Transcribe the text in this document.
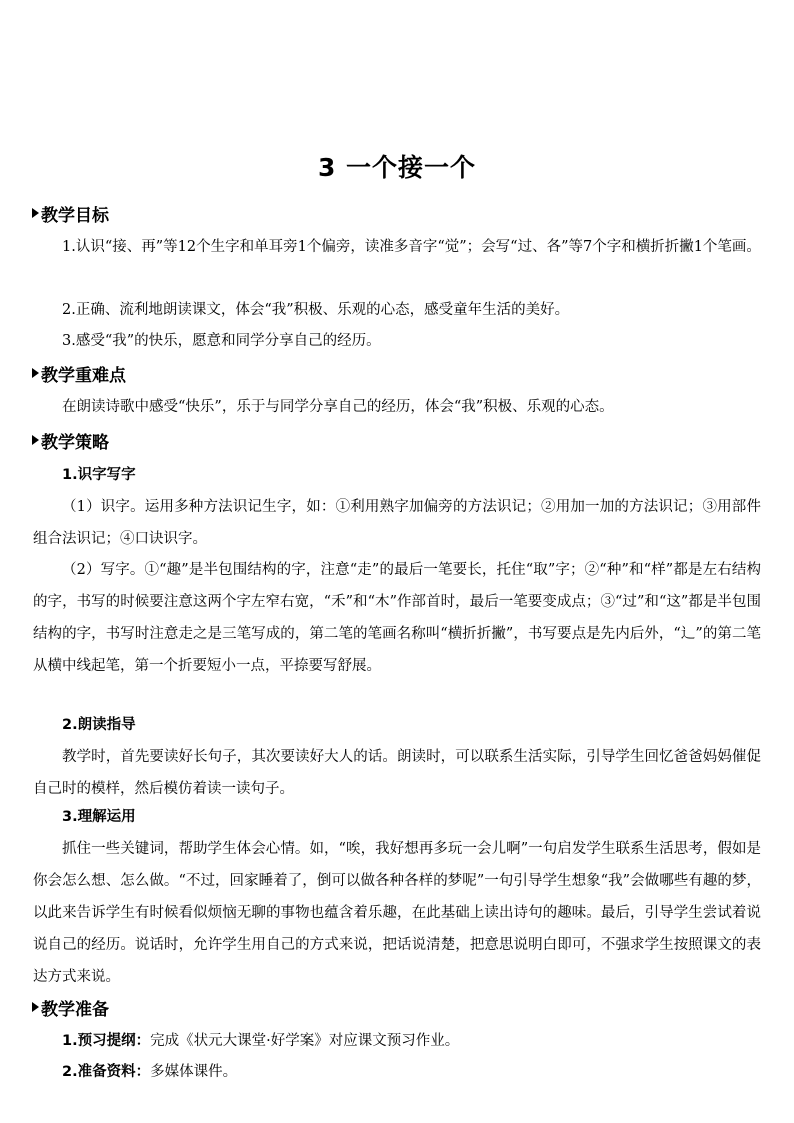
3 一个接一个
教学目标

1.认识“接、再”等12个生字和单耳旁1个偏旁，读准多音字“觉”；会写“过、各”等7个字和横折折撇1个笔画。

2.正确、流利地朗读课文，体会“我”积极、乐观的心态，感受童年生活的美好。

3.感受“我”的快乐，愿意和同学分享自己的经历。

教学重难点

在朗读诗歌中感受“快乐”，乐于与同学分享自己的经历，体会“我”积极、乐观的心态。

教学策略
1.识字写字

（1）识字。运用多种方法识记生字，如：①利用熟字加偏旁的方法识记；②用加一加的方法识记；③用部件组合法识记；④口诀识字。

（2）写字。①“趣”是半包围结构的字，注意“走”的最后一笔要长，托住“取”字；②“种”和“样”都是左右结构的字，书写的时候要注意这两个字左窄右宽，“禾”和“木”作部首时，最后一笔要变成点；③“过”和“这”都是半包围结构的字，书写时注意走之是三笔写成的，第二笔的笔画名称叫“横折折撇”，书写要点是先内后外，“辶”的第二笔从横中线起笔，第一个折要短小一点，平捺要写舒展。

2.朗读指导

教学时，首先要读好长句子，其次要读好大人的话。朗读时，可以联系生活实际，引导学生回忆爸爸妈妈催促自己时的模样，然后模仿着读一读句子。

3.理解运用

抓住一些关键词，帮助学生体会心情。如，“唉，我好想再多玩一会儿啊”一句启发学生联系生活思考，假如是你会怎么想、怎么做。“不过，回家睡着了，倒可以做各种各样的梦呢”一句引导学生想象“我”会做哪些有趣的梦，以此来告诉学生有时候看似烦恼无聊的事物也蕴含着乐趣，在此基础上读出诗句的趣味。最后，引导学生尝试着说说自己的经历。说话时，允许学生用自己的方式来说，把话说清楚，把意思说明白即可，不强求学生按照课文的表达方式来说。

教学准备
1.预习提纲：完成《状元大课堂·好学案》对应课文预习作业。
2.准备资料：多媒体课件。
